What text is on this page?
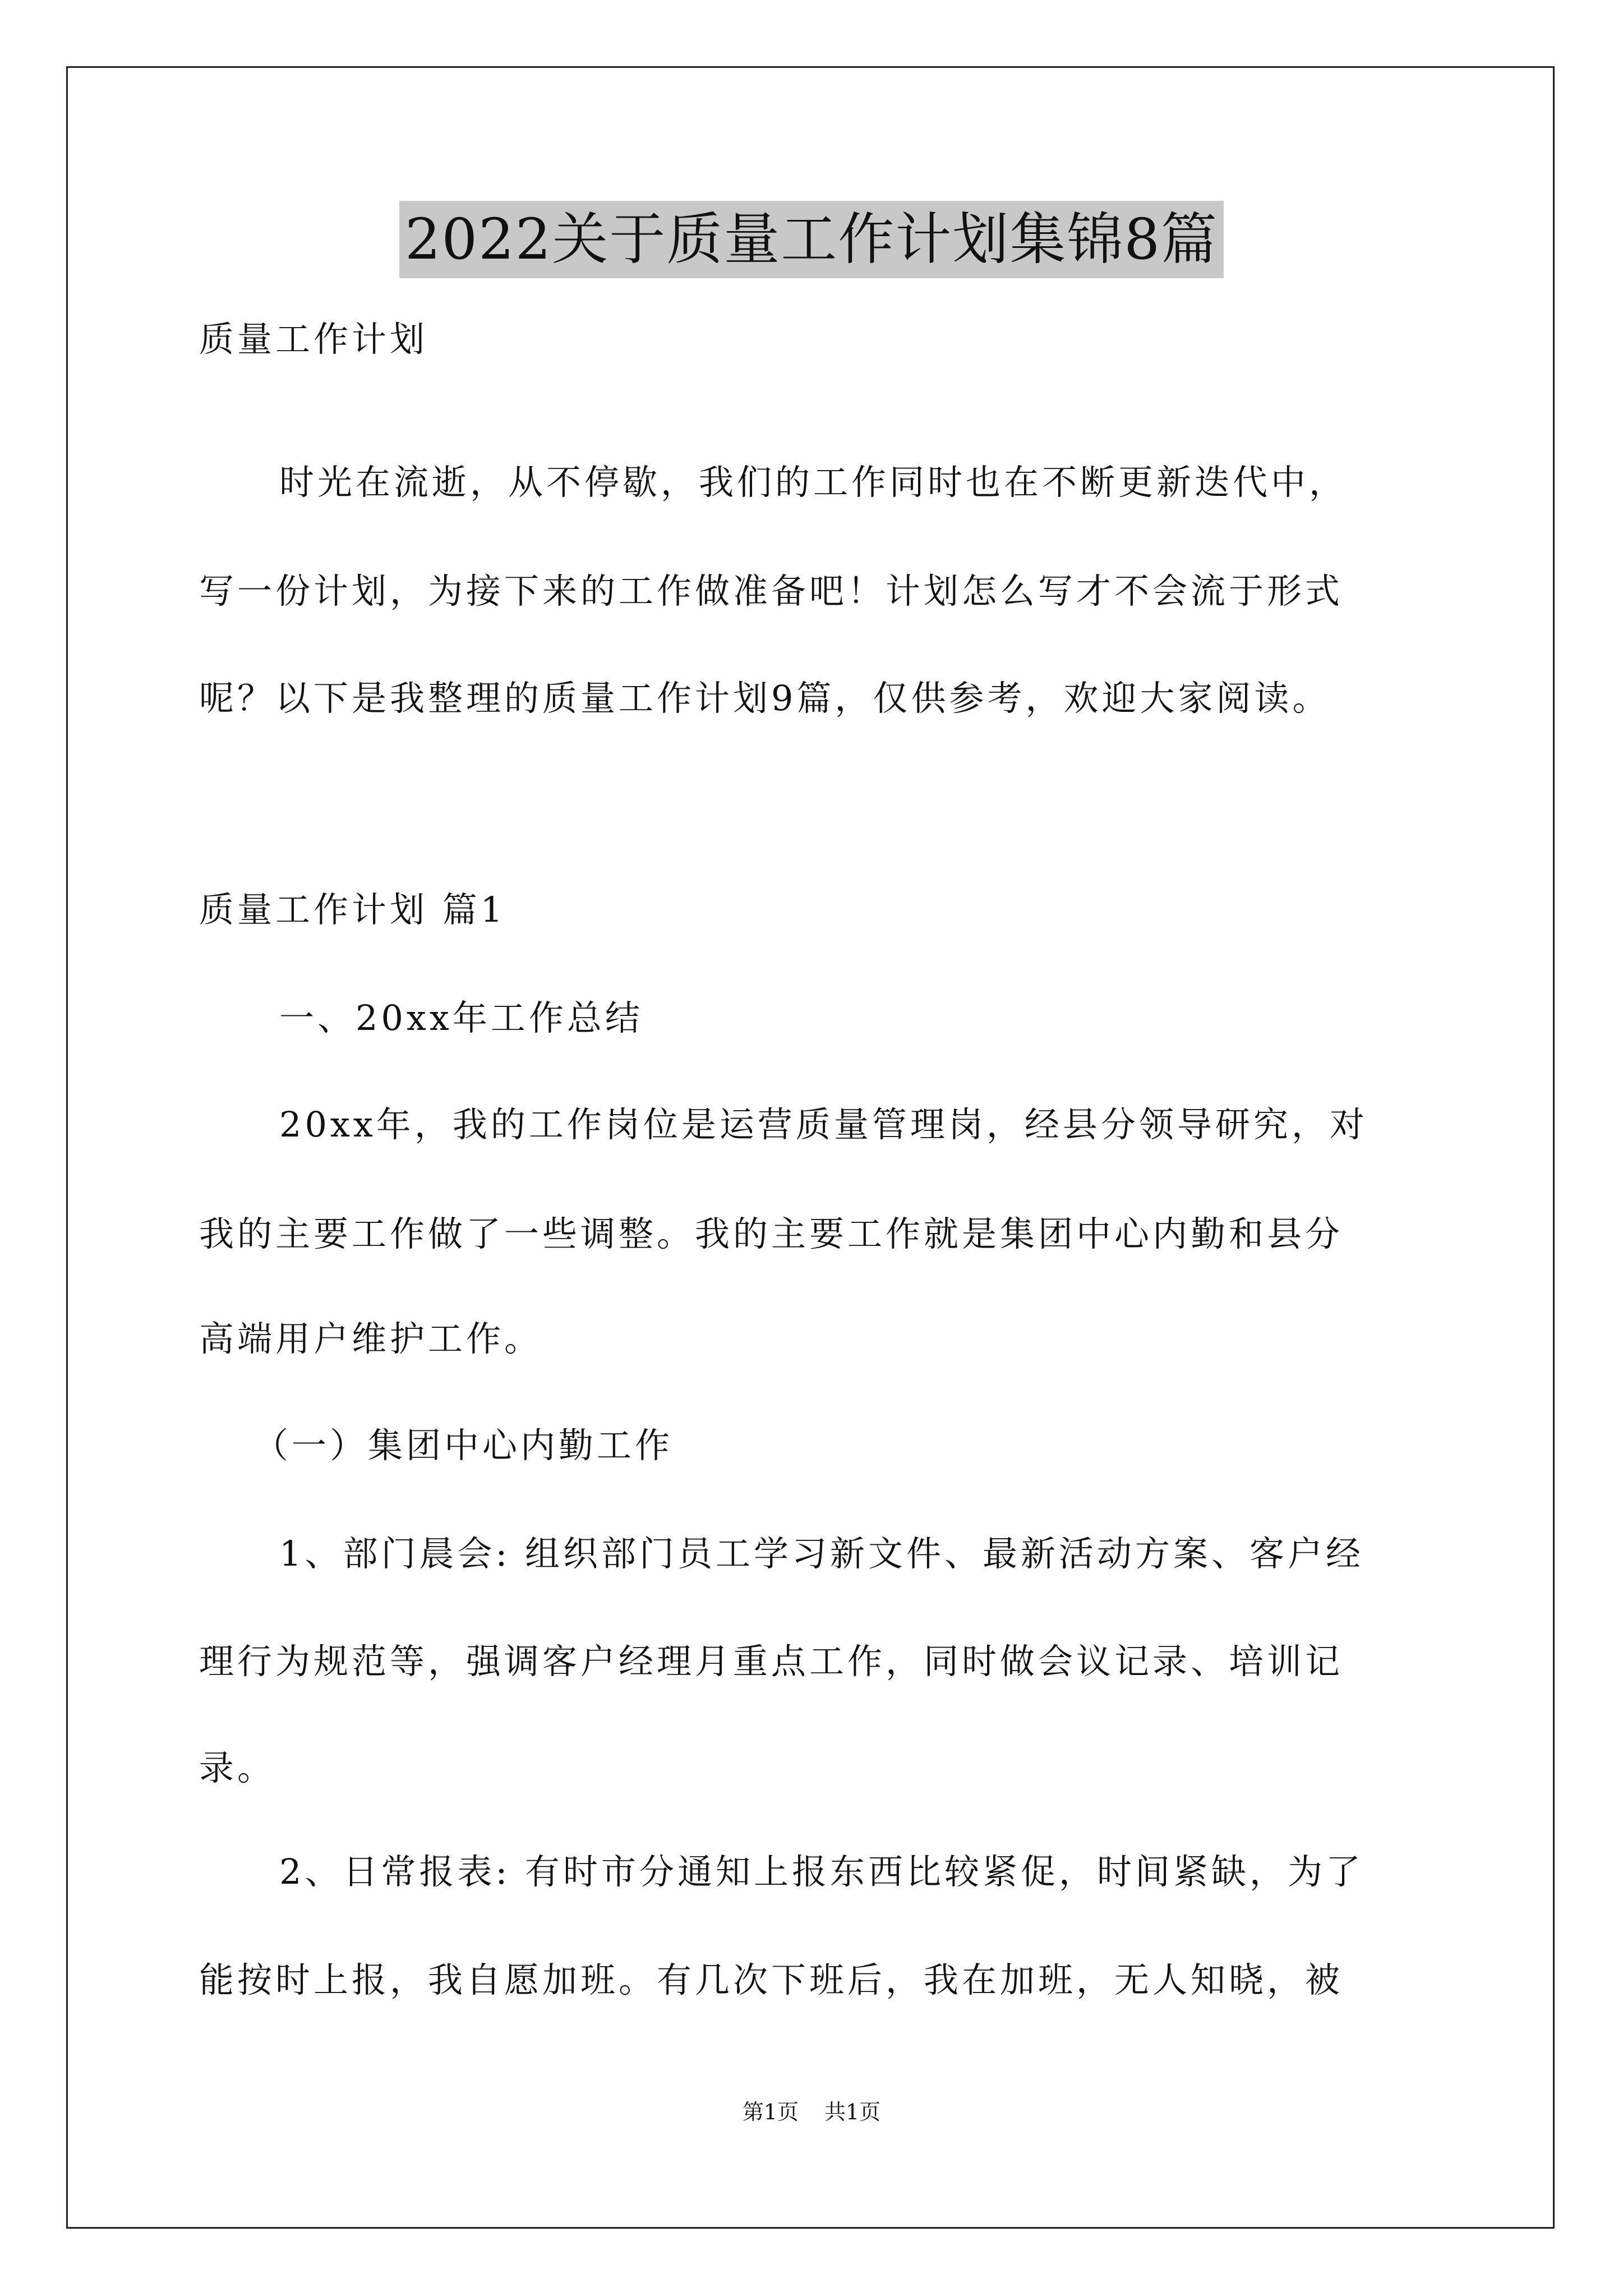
2022关于质量工作计划集锦8篇
质量工作计划
时光在流逝，从不停歇，我们的工作同时也在不断更新迭代中，
写一份计划，为接下来的工作做准备吧！计划怎么写才不会流于形式
呢？以下是我整理的质量工作计划9篇，仅供参考，欢迎大家阅读。
质量工作计划 篇1
一、20xx年工作总结
20xx年，我的工作岗位是运营质量管理岗，经县分领导研究，对
我的主要工作做了一些调整。我的主要工作就是集团中心内勤和县分
高端用户维护工作。
（一）集团中心内勤工作
1、部门晨会: 组织部门员工学习新文件、最新活动方案、客户经
理行为规范等，强调客户经理月重点工作，同时做会议记录、培训记
录。
2、日常报表: 有时市分通知上报东西比较紧促，时间紧缺，为了
能按时上报，我自愿加班。有几次下班后，我在加班，无人知晓，被
第1页 共1页
